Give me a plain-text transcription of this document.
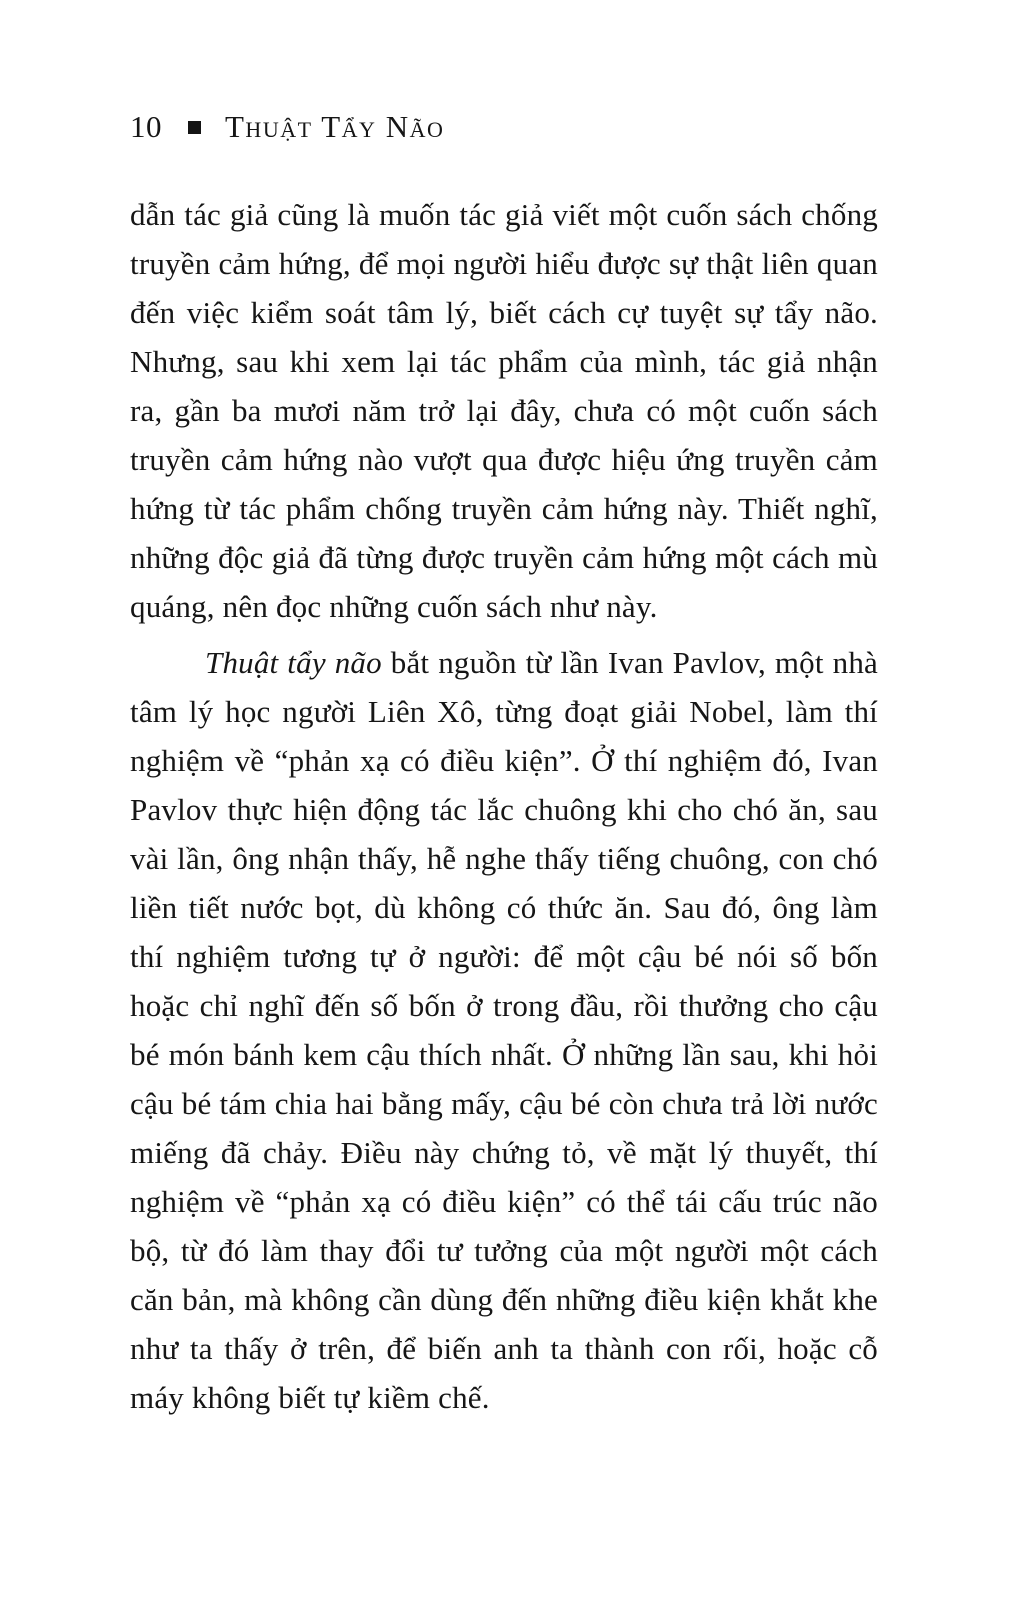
10 Thuật Tẩy Não

dẫn tác giả cũng là muốn tác giả viết một cuốn sách chống truyền cảm hứng, để mọi người hiểu được sự thật liên quan đến việc kiểm soát tâm lý, biết cách cự tuyệt sự tẩy não. Nhưng, sau khi xem lại tác phẩm của mình, tác giả nhận ra, gần ba mươi năm trở lại đây, chưa có một cuốn sách truyền cảm hứng nào vượt qua được hiệu ứng truyền cảm hứng từ tác phẩm chống truyền cảm hứng này. Thiết nghĩ, những độc giả đã từng được truyền cảm hứng một cách mù quáng, nên đọc những cuốn sách như này.

Thuật tẩy não bắt nguồn từ lần Ivan Pavlov, một nhà tâm lý học người Liên Xô, từng đoạt giải Nobel, làm thí nghiệm về “phản xạ có điều kiện”. Ở thí nghiệm đó, Ivan Pavlov thực hiện động tác lắc chuông khi cho chó ăn, sau vài lần, ông nhận thấy, hễ nghe thấy tiếng chuông, con chó liền tiết nước bọt, dù không có thức ăn. Sau đó, ông làm thí nghiệm tương tự ở người: để một cậu bé nói số bốn hoặc chỉ nghĩ đến số bốn ở trong đầu, rồi thưởng cho cậu bé món bánh kem cậu thích nhất. Ở những lần sau, khi hỏi cậu bé tám chia hai bằng mấy, cậu bé còn chưa trả lời nước miếng đã chảy. Điều này chứng tỏ, về mặt lý thuyết, thí nghiệm về “phản xạ có điều kiện” có thể tái cấu trúc não bộ, từ đó làm thay đổi tư tưởng của một người một cách căn bản, mà không cần dùng đến những điều kiện khắt khe như ta thấy ở trên, để biến anh ta thành con rối, hoặc cỗ máy không biết tự kiềm chế.
